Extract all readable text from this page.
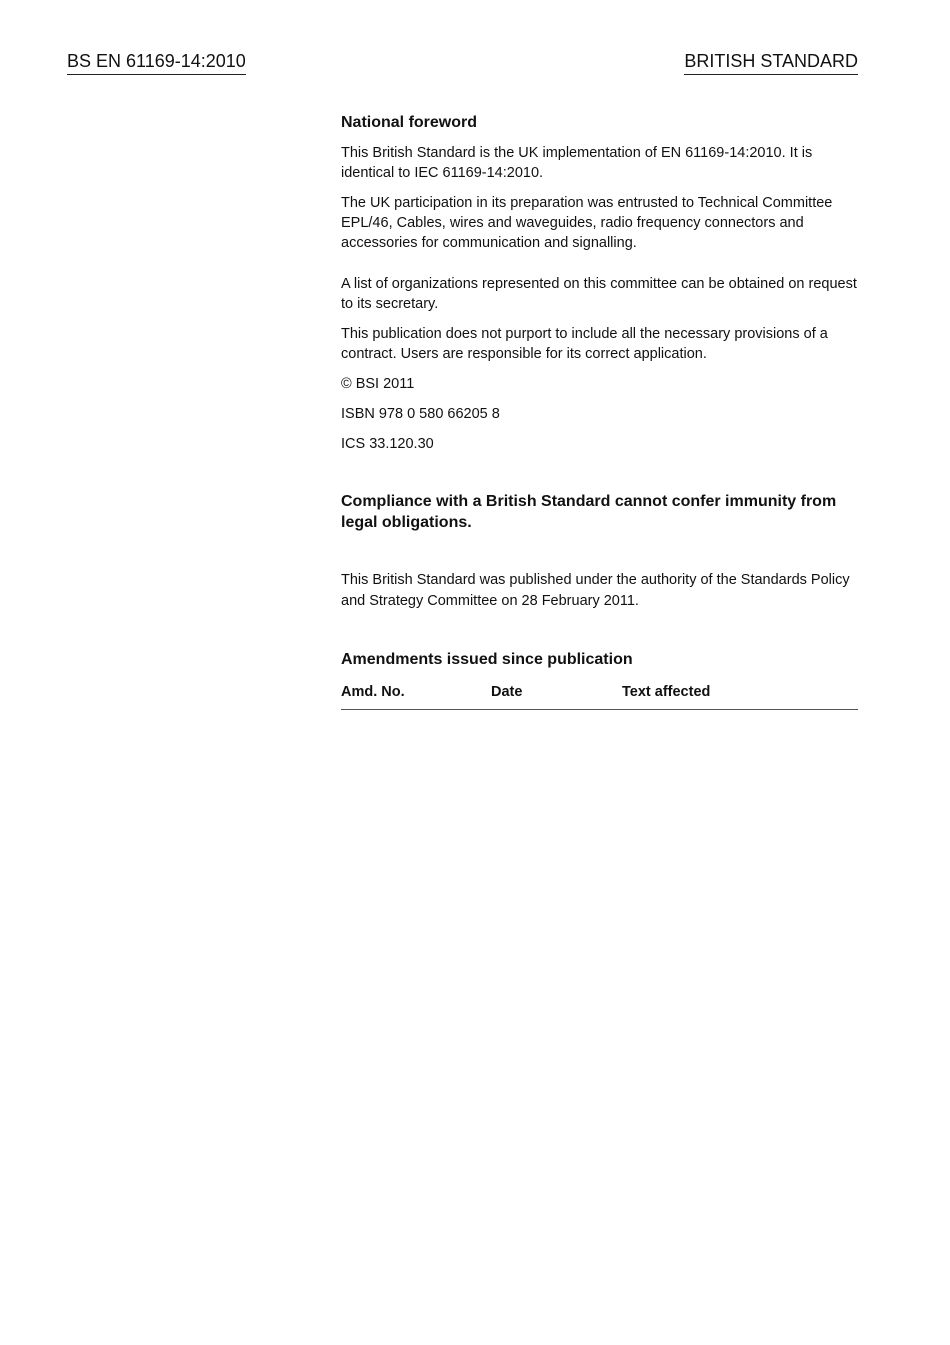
BS EN 61169-14:2010	BRITISH STANDARD
National foreword
This British Standard is the UK implementation of EN 61169-14:2010. It is identical to IEC 61169-14:2010.
The UK participation in its preparation was entrusted to Technical Committee EPL/46, Cables, wires and waveguides, radio frequency connectors and accessories for communication and signalling.
A list of organizations represented on this committee can be obtained on request to its secretary.
This publication does not purport to include all the necessary provisions of a contract. Users are responsible for its correct application.
© BSI 2011
ISBN 978 0 580 66205 8
ICS 33.120.30
Compliance with a British Standard cannot confer immunity from legal obligations.
This British Standard was published under the authority of the Standards Policy and Strategy Committee on 28 February 2011.
Amendments issued since publication
Amd. No.	Date	Text affected
